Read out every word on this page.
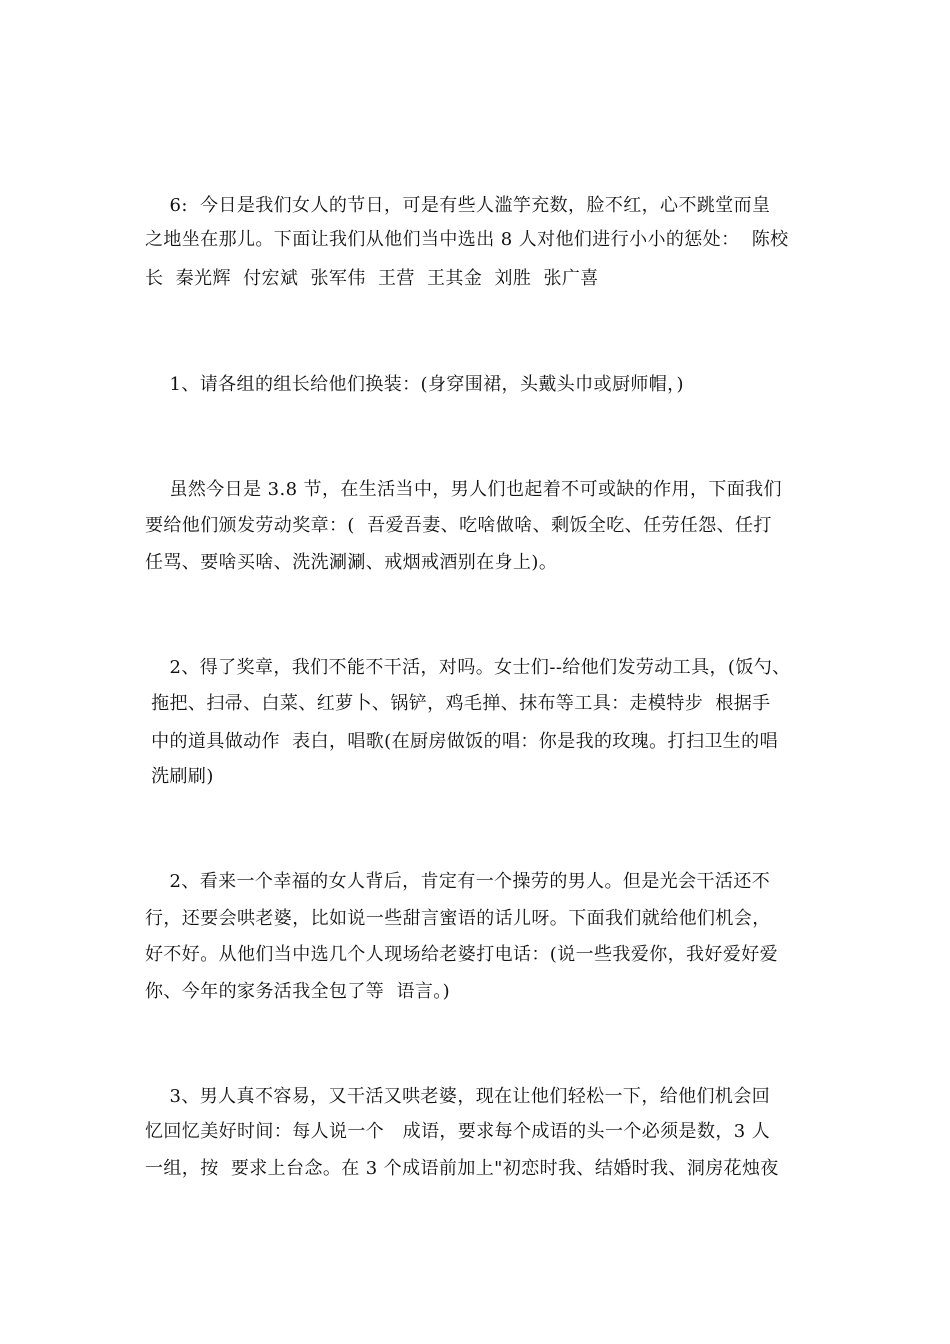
6:  今日是我们女人的节日，可是有些人滥竽充数，脸不红，心不跳堂而皇
之地坐在那儿。下面让我们从他们当中选出 8 人对他们进行小小的惩处：  陈校
长  秦光辉  付宏斌  张军伟  王营  王其金  刘胜  张广喜
1、请各组的组长给他们换装：(身穿围裙，头戴头巾或厨师帽，)
虽然今日是 3.8 节，在生活当中，男人们也起着不可或缺的作用，下面我们
要给他们颁发劳动奖章：(  吾爱吾妻、吃啥做啥、剩饭全吃、任劳任怨、任打
任骂、要啥买啥、洗洗涮涮、戒烟戒酒别在身上)。
2、得了奖章，我们不能不干活，对吗。女士们--给他们发劳动工具，(饭勺、
拖把、扫帚、白菜、红萝卜、锅铲，鸡毛掸、抹布等工具：走模特步  根据手
中的道具做动作  表白，唱歌(在厨房做饭的唱：你是我的玫瑰。打扫卫生的唱
洗刷刷)
2、看来一个幸福的女人背后，肯定有一个操劳的男人。但是光会干活还不
行，还要会哄老婆，比如说一些甜言蜜语的话儿呀。下面我们就给他们机会，
好不好。从他们当中选几个人现场给老婆打电话：(说一些我爱你，我好爱好爱
你、今年的家务活我全包了等  语言。)
3、男人真不容易，又干活又哄老婆，现在让他们轻松一下，给他们机会回
忆回忆美好时间：每人说一个   成语，要求每个成语的头一个必须是数，3 人
一组，按  要求上台念。在 3 个成语前加上"初恋时我、结婚时我、洞房花烛夜
